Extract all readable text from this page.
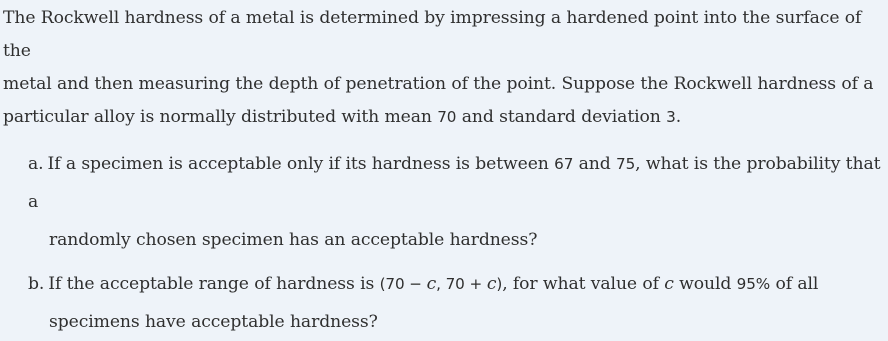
The Rockwell hardness of a metal is determined by impressing a hardened point into the surface of the
metal and then measuring the depth of penetration of the point. Suppose the Rockwell hardness of a
particular alloy is normally distributed with mean 70 and standard deviation 3.

a. If a specimen is acceptable only if its hardness is between 67 and 75, what is the probability that a
randomly chosen specimen has an acceptable hardness?
b. If the acceptable range of hardness is (70 − c, 70 + c), for what value of c would 95% of all
specimens have acceptable hardness?
